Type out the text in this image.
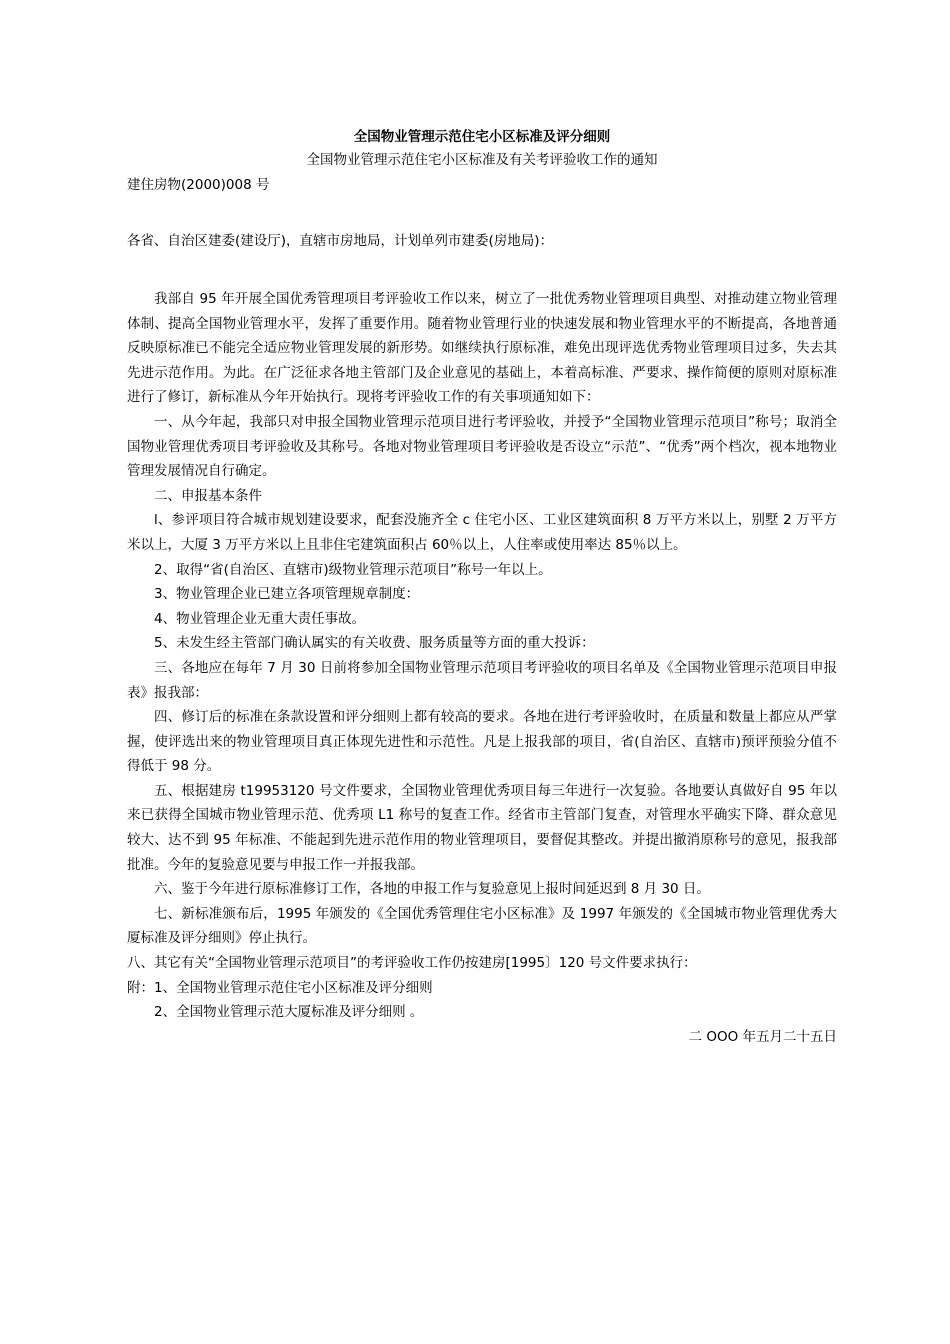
全国物业管理示范住宅小区标准及评分细则

全国物业管理示范住宅小区标准及有关考评验收工作的通知

建住房物(2000)008 号

各省、自治区建委(建设厅)，直辖市房地局，计划单列市建委(房地局)：

我部自 95 年开展全国优秀管理项目考评验收工作以来，树立了一批优秀物业管理项目典型、对推动建立物业管理体制、提高全国物业管理水平，发挥了重要作用。随着物业管理行业的快速发展和物业管理水平的不断提高，各地普通反映原标准已不能完全适应物业管理发展的新形势。如继续执行原标准，难免出现评选优秀物业管理项目过多，失去其先进示范作用。为此。在广泛征求各地主管部门及企业意见的基础上，本着高标准、严要求、操作简便的原则对原标准进行了修订，新标准从今年开始执行。现将考评验收工作的有关事项通知如下：

一、从今年起，我部只对申报全国物业管理示范项目进行考评验收，并授予“全国物业管理示范项目”称号；取消全国物业管理优秀项目考评验收及其称号。各地对物业管理项目考评验收是否设立“示范”、“优秀”两个档次，视本地物业管理发展情况自行确定。

二、申报基本条件

l、参评项目符合城市规划建设要求，配套没施齐全 c 住宅小区、工业区建筑面积 8 万平方米以上，别墅 2 万平方米以上，大厦 3 万平方米以上且非住宅建筑面积占 60％以上，人住率或使用率达 85％以上。

2、取得“省(自治区、直辖市)级物业管理示范项目”称号一年以上。

3、物业管理企业已建立各项管理规章制度：

4、物业管理企业无重大责任事故。

5、未发生经主管部门确认属实的有关收费、服务质量等方面的重大投诉：

三、各地应在每年 7 月 30 日前将参加全国物业管理示范项目考评验收的项目名单及《全国物业管理示范项目申报表》报我部：

四、修订后的标准在条款设置和评分细则上都有较高的要求。各地在进行考评验收时，在质量和数量上都应从严掌握，使评选出来的物业管理项目真正体现先进性和示范性。凡是上报我部的项目，省(自治区、直辖市)预评预验分值不得低于 98 分。

五、根据建房 t19953120 号文件要求，全国物业管理优秀项目每三年进行一次复验。各地要认真做好自 95 年以来已获得全国城市物业管理示范、优秀项 L1 称号的复查工作。经省市主管部门复查，对管理水平确实下降、群众意见较大、达不到 95 年标准、不能起到先进示范作用的物业管理项目，要督促其整改。并提出撤消原称号的意见，报我部批准。今年的复验意见要与申报工作一并报我部。

六、鉴于今年进行原标准修订工作，各地的申报工作与复验意见上报时间延迟到 8 月 30 日。

七、新标准颁布后，1995 年颁发的《全国优秀管理住宅小区标准》及 1997 年颁发的《全国城市物业管理优秀大厦标准及评分细则》停止执行。

八、其它有关“全国物业管理示范项目”的考评验收工作仍按建房[1995〕120 号文件要求执行：

附：1、全国物业管理示范住宅小区标准及评分细则

2、全国物业管理示范大厦标准及评分细则 。

二 OOO 年五月二十五日
